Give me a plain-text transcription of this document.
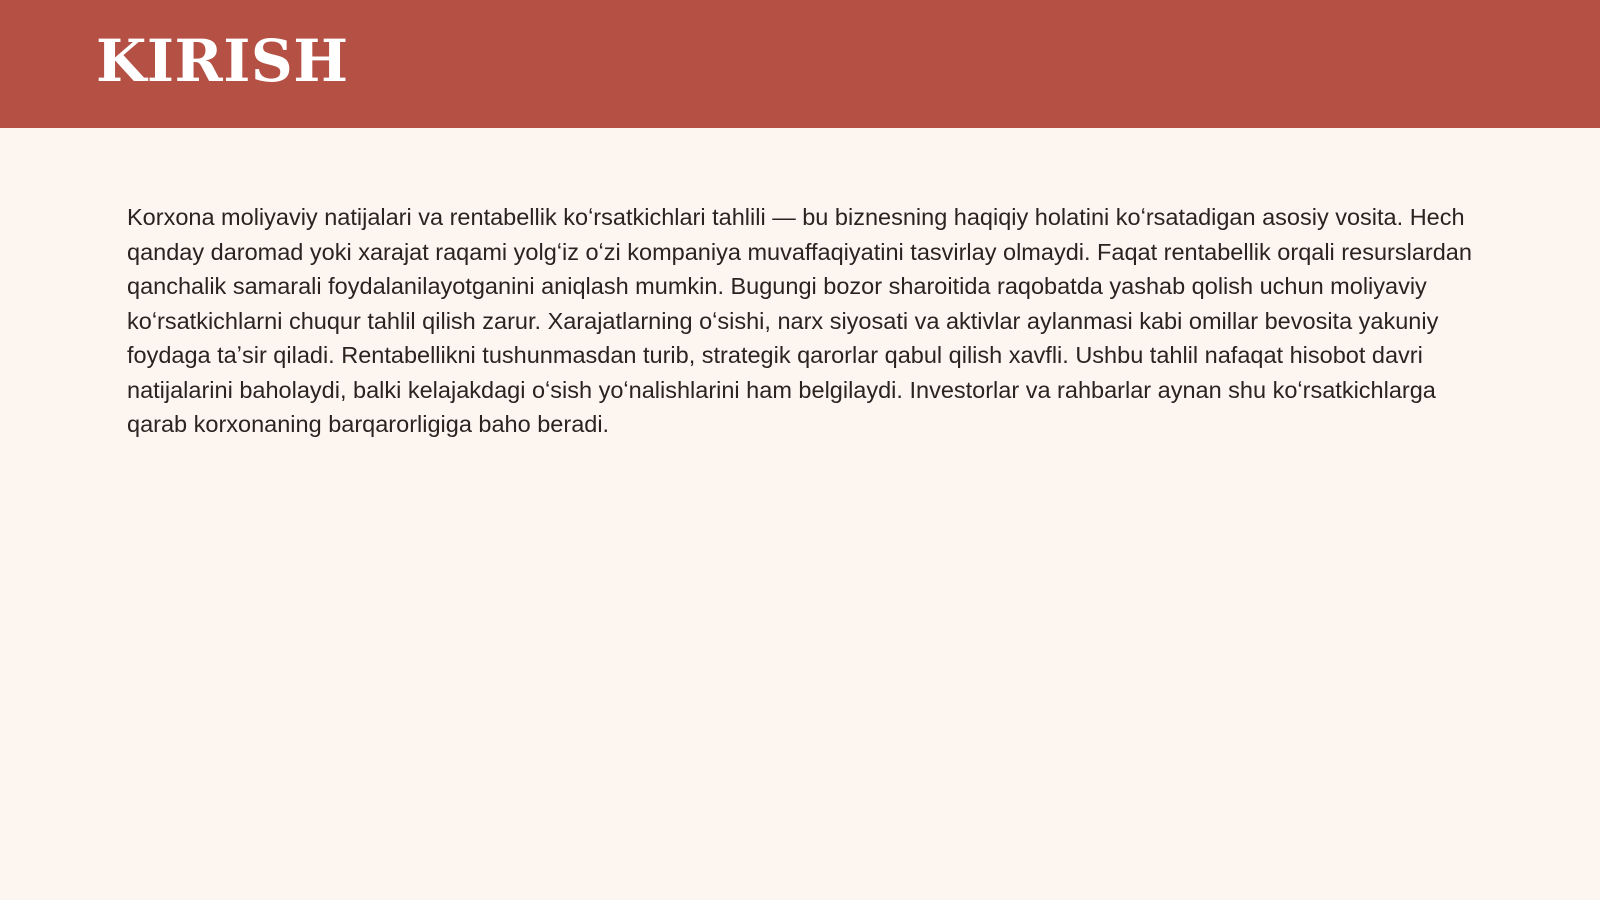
KIRISH

Korxona moliyaviy natijalari va rentabellik koʻrsatkichlari tahlili — bu biznesning haqiqiy holatini koʻrsatadigan asosiy vosita. Hech qanday daromad yoki xarajat raqami yolgʻiz oʻzi kompaniya muvaffaqiyatini tasvirlay olmaydi. Faqat rentabellik orqali resurslardan qanchalik samarali foydalanilayotganini aniqlash mumkin. Bugungi bozor sharoitida raqobatda yashab qolish uchun moliyaviy koʻrsatkichlarni chuqur tahlil qilish zarur. Xarajatlarning oʻsishi, narx siyosati va aktivlar aylanmasi kabi omillar bevosita yakuniy foydaga taʼsir qiladi. Rentabellikni tushunmasdan turib, strategik qarorlar qabul qilish xavfli. Ushbu tahlil nafaqat hisobot davri natijalarini baholaydi, balki kelajakdagi oʻsish yoʻnalishlarini ham belgilaydi. Investorlar va rahbarlar aynan shu koʻrsatkichlarga qarab korxonaning barqarorligiga baho beradi.
